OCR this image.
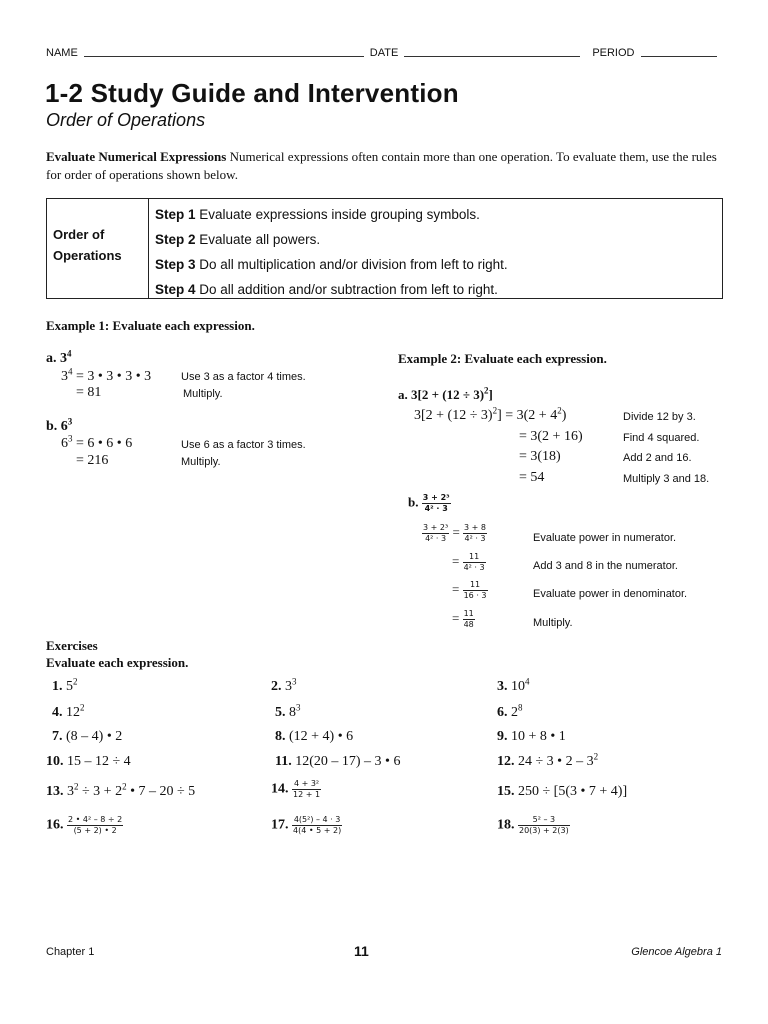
NAME	DATE	PERIOD
1-2 Study Guide and Intervention
Order of Operations
Evaluate Numerical Expressions Numerical expressions often contain more than one operation. To evaluate them, use the rules for order of operations shown below.
Order of
Operations
Step 1 Evaluate expressions inside grouping symbols.
Step 2 Evaluate all powers.
Step 3 Do all multiplication and/or division from left to right.
Step 4 Do all addition and/or subtraction from left to right.
Example 1: Evaluate each expression.
a. $3^4$
$3^4 = 3$ • 3 • 3 • 3	Use 3 as a factor 4 times.
= 81	Multiply.
b. $6^3$
$6^3 = 6$ • 6 • 6	Use 6 as a factor 3 times.
= 216	Multiply.
Example 2: Evaluate each expression.
a. $3[2 + (12 \div 3)^2]$
$3[2 + (12 \div 3)^2] = 3(2 + 4^2)$	Divide 12 by 3.
= 3(2 + 16)	Find 4 squared.
= 3(18)	Add 2 and 16.
= 54	Multiply 3 and 18.
b. $\frac{\text{3 + 2³}}{\text{4² · 3}}$
$\frac{\text{3 + 2³}}{\text{4² · 3}} = \frac{3 + 8}{\text{4² · 3}}$	Evaluate power in numerator.
= $\frac{11}{\text{4² · 3}}$	Add 3 and 8 in the numerator.
= $\frac{11}{16 \cdot 3}$	Evaluate power in denominator.
= $\frac{11}{48}$	Multiply.
Exercises
Evaluate each expression.
1. $5^2$	2. $3^3$	3. $10^4$
4. $12^2$	5. $8^3$	6. $2^8$
7. (8 – 4) • 2	8. (12 + 4) • 6	9. 10 + 8 • 1
10. 15 – 12 ÷ 4	11. 12(20 – 17) – 3 • 6	12. 24 ÷ 3 • $2 - 3^2$
13. $3^2 \div 3 + 2^2$ • 7 – 20 ÷ 5	14. $\frac{\text{4 + 3²}}{12 + 1}$	15. 250 ÷ [5(3 • 7 + 4)]
16. $\frac{\text{2 • 4² – 8 ÷ 2}}{(5 + 2) • 2}$	17. $\frac{\text{4(5²) – 4 · 3}}{4(4 • 5 + 2)}$	18. $\frac{\text{5² – 3}}{20(3) + 2(3)}$
Chapter 1	11	Glencoe Algebra 1
